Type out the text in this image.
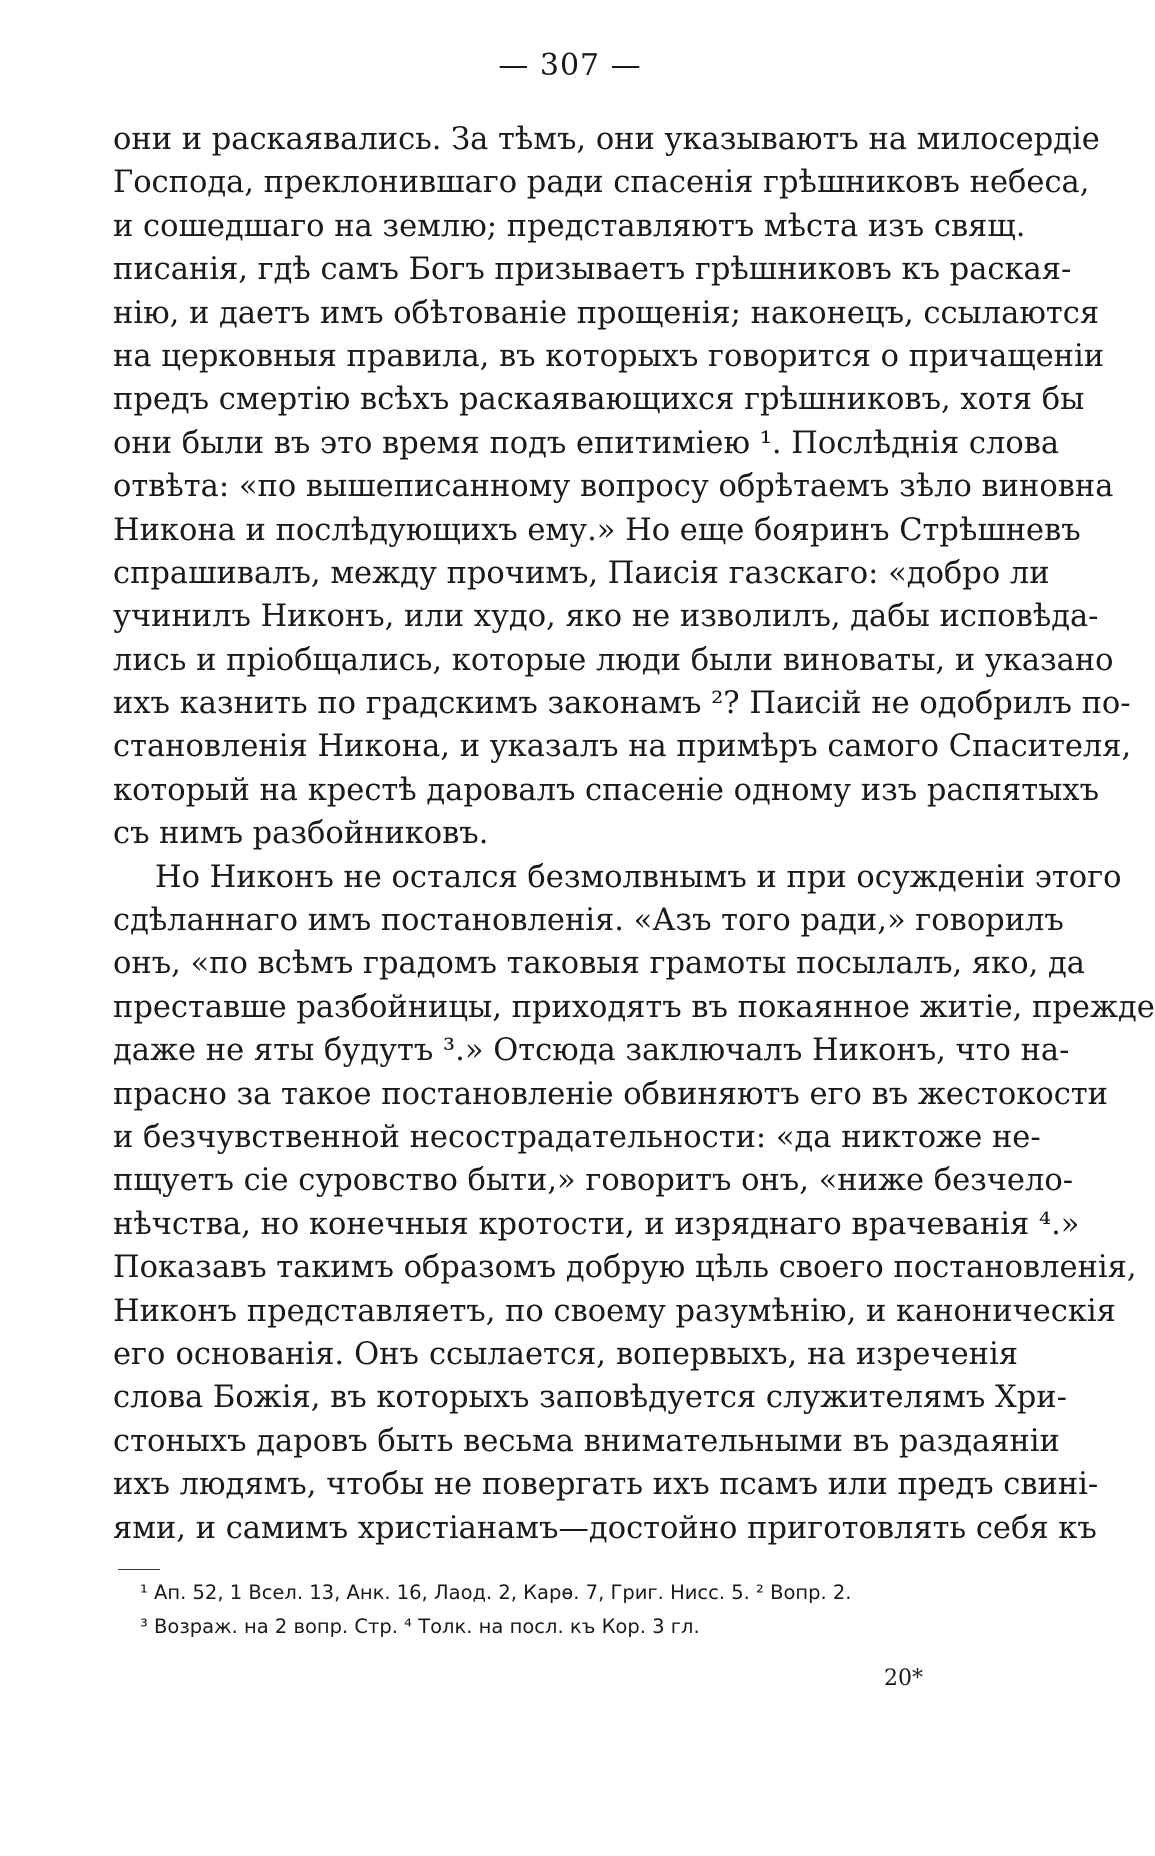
— 307 —
они и раскаявались. За тѣмъ, они указываютъ на милосердіе
Господа, преклонившаго ради спасенія грѣшниковъ небеса,
и сошедшаго на землю; представляютъ мѣста изъ свящ.
писанія, гдѣ самъ Богъ призываетъ грѣшниковъ къ раская-
нію, и даетъ имъ обѣтованіе прощенія; наконецъ, ссылаются
на церковныя правила, въ которыхъ говорится о причащеніи
предъ смертію всѣхъ раскаявающихся грѣшниковъ, хотя бы
они были въ это время подъ епитиміею ¹. Послѣднія слова
отвѣта: «по вышеписанному вопросу обрѣтаемъ зѣло виновна
Никона и послѣдующихъ ему.» Но еще бояринъ Стрѣшневъ
спрашивалъ, между прочимъ, Паисія газскаго: «добро ли
учинилъ Никонъ, или худо, яко не изволилъ, дабы исповѣда-
лись и пріобщались, которые люди были виноваты, и указано
ихъ казнить по градскимъ законамъ ²? Паисій не одобрилъ по-
становленія Никона, и указалъ на примѣръ самого Спасителя,
который на крестѣ даровалъ спасеніе одному изъ распятыхъ
съ нимъ разбойниковъ.
Но Никонъ не остался безмолвнымъ и при осужденіи этого
сдѣланнаго имъ постановленія. «Азъ того ради,» говорилъ
онъ, «по всѣмъ градомъ таковыя грамоты посылалъ, яко, да
преставше разбойницы, приходятъ въ покаянное житіе, прежде
даже не яты будутъ ³.» Отсюда заключалъ Никонъ, что на-
прасно за такое постановленіе обвиняютъ его въ жестокости
и безчувственной несострадательности: «да никтоже не-
пщуетъ сіе суровство быти,» говоритъ онъ, «ниже безчело-
нѣчства, но конечныя кротости, и изряднаго врачеванія ⁴.»
Показавъ такимъ образомъ добрую цѣль своего постановленія,
Никонъ представляетъ, по своему разумѣнію, и каноническія
его основанія. Онъ ссылается, вопервыхъ, на изреченія
слова Божія, въ которыхъ заповѣдуется служителямъ Хри-
стоныхъ даровъ быть весьма внимательными въ раздаяніи
ихъ людямъ, чтобы не повергать ихъ псамъ или предъ свині-
ями, и самимъ христіанамъ—достойно приготовлять себя къ
¹ Ап. 52, 1 Всел. 13, Анк. 16, Лаод. 2, Карө. 7, Григ. Нисс. 5. ² Вопр. 2.
³ Возраж. на 2 вопр. Стр. ⁴ Толк. на посл. къ Кор. 3 гл.
20*
